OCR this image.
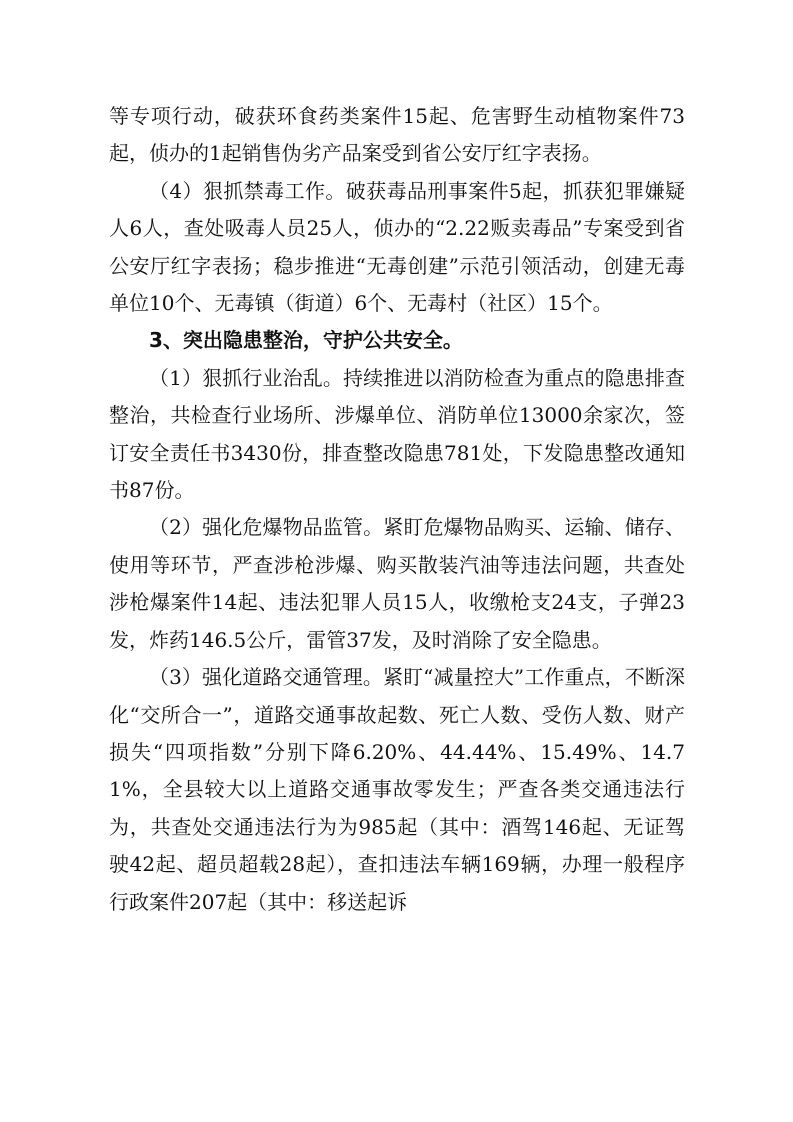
等专项行动，破获环食药类案件15起、危害野生动植物案件73起，侦办的1起销售伪劣产品案受到省公安厅红字表扬。

（4）狠抓禁毒工作。破获毒品刑事案件5起，抓获犯罪嫌疑人6人，查处吸毒人员25人，侦办的“2.22贩卖毒品”专案受到省公安厅红字表扬；稳步推进“无毒创建”示范引领活动，创建无毒单位10个、无毒镇（街道）6个、无毒村（社区）15个。

3、突出隐患整治，守护公共安全。

（1）狠抓行业治乱。持续推进以消防检查为重点的隐患排查整治，共检查行业场所、涉爆单位、消防单位13000余家次，签订安全责任书3430份，排查整改隐患781处，下发隐患整改通知书87份。

（2）强化危爆物品监管。紧盯危爆物品购买、运输、储存、使用等环节，严查涉枪涉爆、购买散装汽油等违法问题，共查处涉枪爆案件14起、违法犯罪人员15人，收缴枪支24支，子弹23发，炸药146.5公斤，雷管37发，及时消除了安全隐患。

（3）强化道路交通管理。紧盯“减量控大”工作重点，不断深化“交所合一”，道路交通事故起数、死亡人数、受伤人数、财产损失“四项指数”分别下降6.20%、44.44%、15.49%、14.71%，全县较大以上道路交通事故零发生；严查各类交通违法行为，共查处交通违法行为为985起（其中：酒驾146起、无证驾驶42起、超员超载28起），查扣违法车辆169辆，办理一般程序行政案件207起（其中：移送起诉
